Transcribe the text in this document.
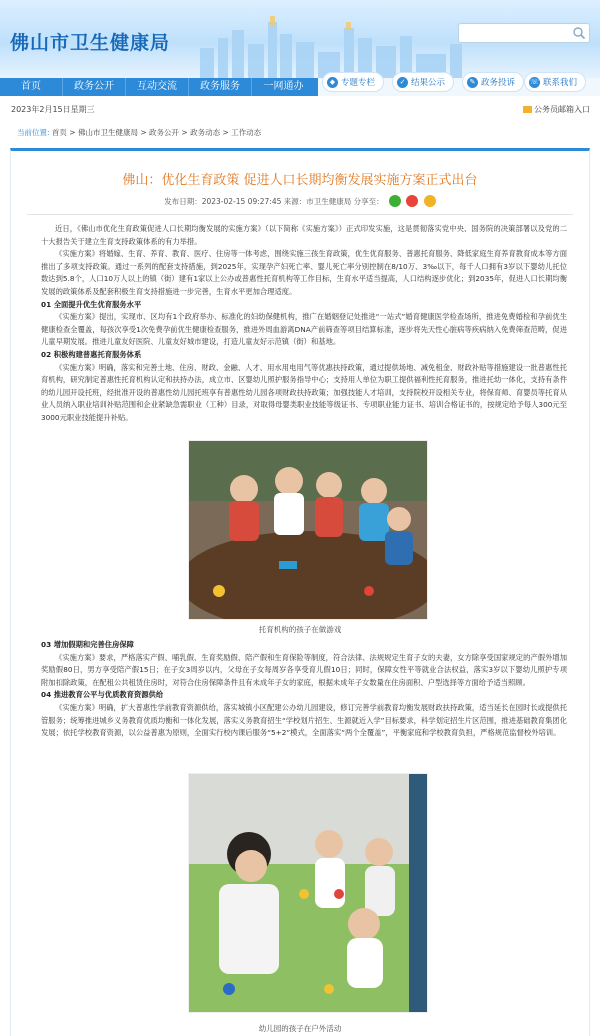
佛山市卫生健康局
首页	政务公开	互动交流	政务服务	一网通办	◆ 专题专栏	✓ 结果公示	✎ 政务投诉	☏ 联系我们
2023年2月15日星期三	公务员邮箱入口
当前位置: 首页 > 佛山市卫生健康局 > 政务公开 > 政务动态 > 工作动态
佛山：优化生育政策 促进人口长期均衡发展实施方案正式出台
发布日期：2023-02-15 09:27:45 来源：市卫生健康局 分享至：

近日，《佛山市优化生育政策促进人口长期均衡发展的实施方案》（以下简称《实施方案》）正式印发实施，这是贯彻落实党中央、国务院的决策部署以及党的二十大报告关于建立生育支持政策体系的有力举措。

《实施方案》将婚嫁、生育、养育、教育、医疗、住房等一体考虑，围绕实施三孩生育政策，优生优育服务、普惠托育服务、降低家庭生育养育教育成本等方面推出了多项支持政策。通过一系列的配套支持措施，到2025年，实现孕产妇死亡率、婴儿死亡率分别控制在8/10万、3‰以下，每千人口拥有3岁以下婴幼儿托位数达到5.8个，人口10万人以上的镇（街）建有1家以上公办或普惠性托育机构等工作目标，生育水平适当提高，人口结构逐步优化；到2035年，促进人口长期均衡发展的政策体系及配套积极生育支持措施进一步完善，生育水平更加合理适度。

01 全面提升优生优育服务水平

《实施方案》提出，实现市、区均有1个政府举办、标准化的妇幼保健机构，推广在婚姻登记处推进“一站式”婚育健康医学检查场所，推进免费婚检和孕前优生健康检查全覆盖，每孩次享受1次免费孕前优生健康检查服务，推进外周血游离DNA产前筛查等项目结算标准，逐步将先天性心脏病等疾病纳入免费筛查范畴，促进儿童早期发展。推进儿童友好医院、儿童友好城市建设，打造儿童友好示范镇（街）和基地。

02 积极构建普惠托育服务体系

《实施方案》明确，落实和完善土地、住房、财政、金融、人才、用水用电用气等优惠扶持政策，通过提供场地、减免租金、财政补贴等措施建设一批普惠性托育机构，研究制定普惠性托育机构认定和扶持办法，成立市、区婴幼儿照护服务指导中心；支持用人单位为职工提供福利性托育服务，推进托幼一体化，支持有条件的幼儿园开设托班，经批准开设的普惠性幼儿园托班享有普惠性幼儿园各项财政扶持政策；加强技能人才培训，支持院校开设相关专业，将保育师、育婴员等托育从业人员纳入职业培训补贴范围和企业紧缺急需职业（工种）目录，对取得母婴类职业技能等级证书、专项职业能力证书、培训合格证书的，按规定给予每人300元至3000元职业技能提升补贴。

托育机构的孩子在做游戏

03 增加假期和完善住房保障

《实施方案》要求，严格落实产假、哺乳假、生育奖励假、陪产假和生育保险等制度，符合法律、法规规定生育子女的夫妻，女方除享受国家规定的产假外增加奖励假80日，男方享受陪产假15日；在子女3周岁以内，父母在子女每周岁各享受育儿假10日；同时，保障女性平等就业合法权益，落实3岁以下婴幼儿照护专项附加扣除政策，在配租公共租赁住房时，对符合住房保障条件且有未成年子女的家庭，根据未成年子女数量在住房面积、户型选择等方面给予适当照顾。

04 推进教育公平与优质教育资源供给

《实施方案》明确，扩大普惠性学前教育资源供给，落实城镇小区配建公办幼儿园建设，修订完善学前教育均衡发展财政扶持政策，适当延长在园时长或提供托管服务；统筹推进城乡义务教育优质均衡和一体化发展，落实义务教育招生“学校划片招生、生源就近入学”目标要求，科学划定招生片区范围，推进基础教育集团化发展；依托学校教育资源，以公益普惠为原则，全面实行校内课后服务“5+2”模式，全面落实“两个全覆盖”，平衡家庭和学校教育负担，严格规范监督校外培训。

幼儿园的孩子在户外活动
